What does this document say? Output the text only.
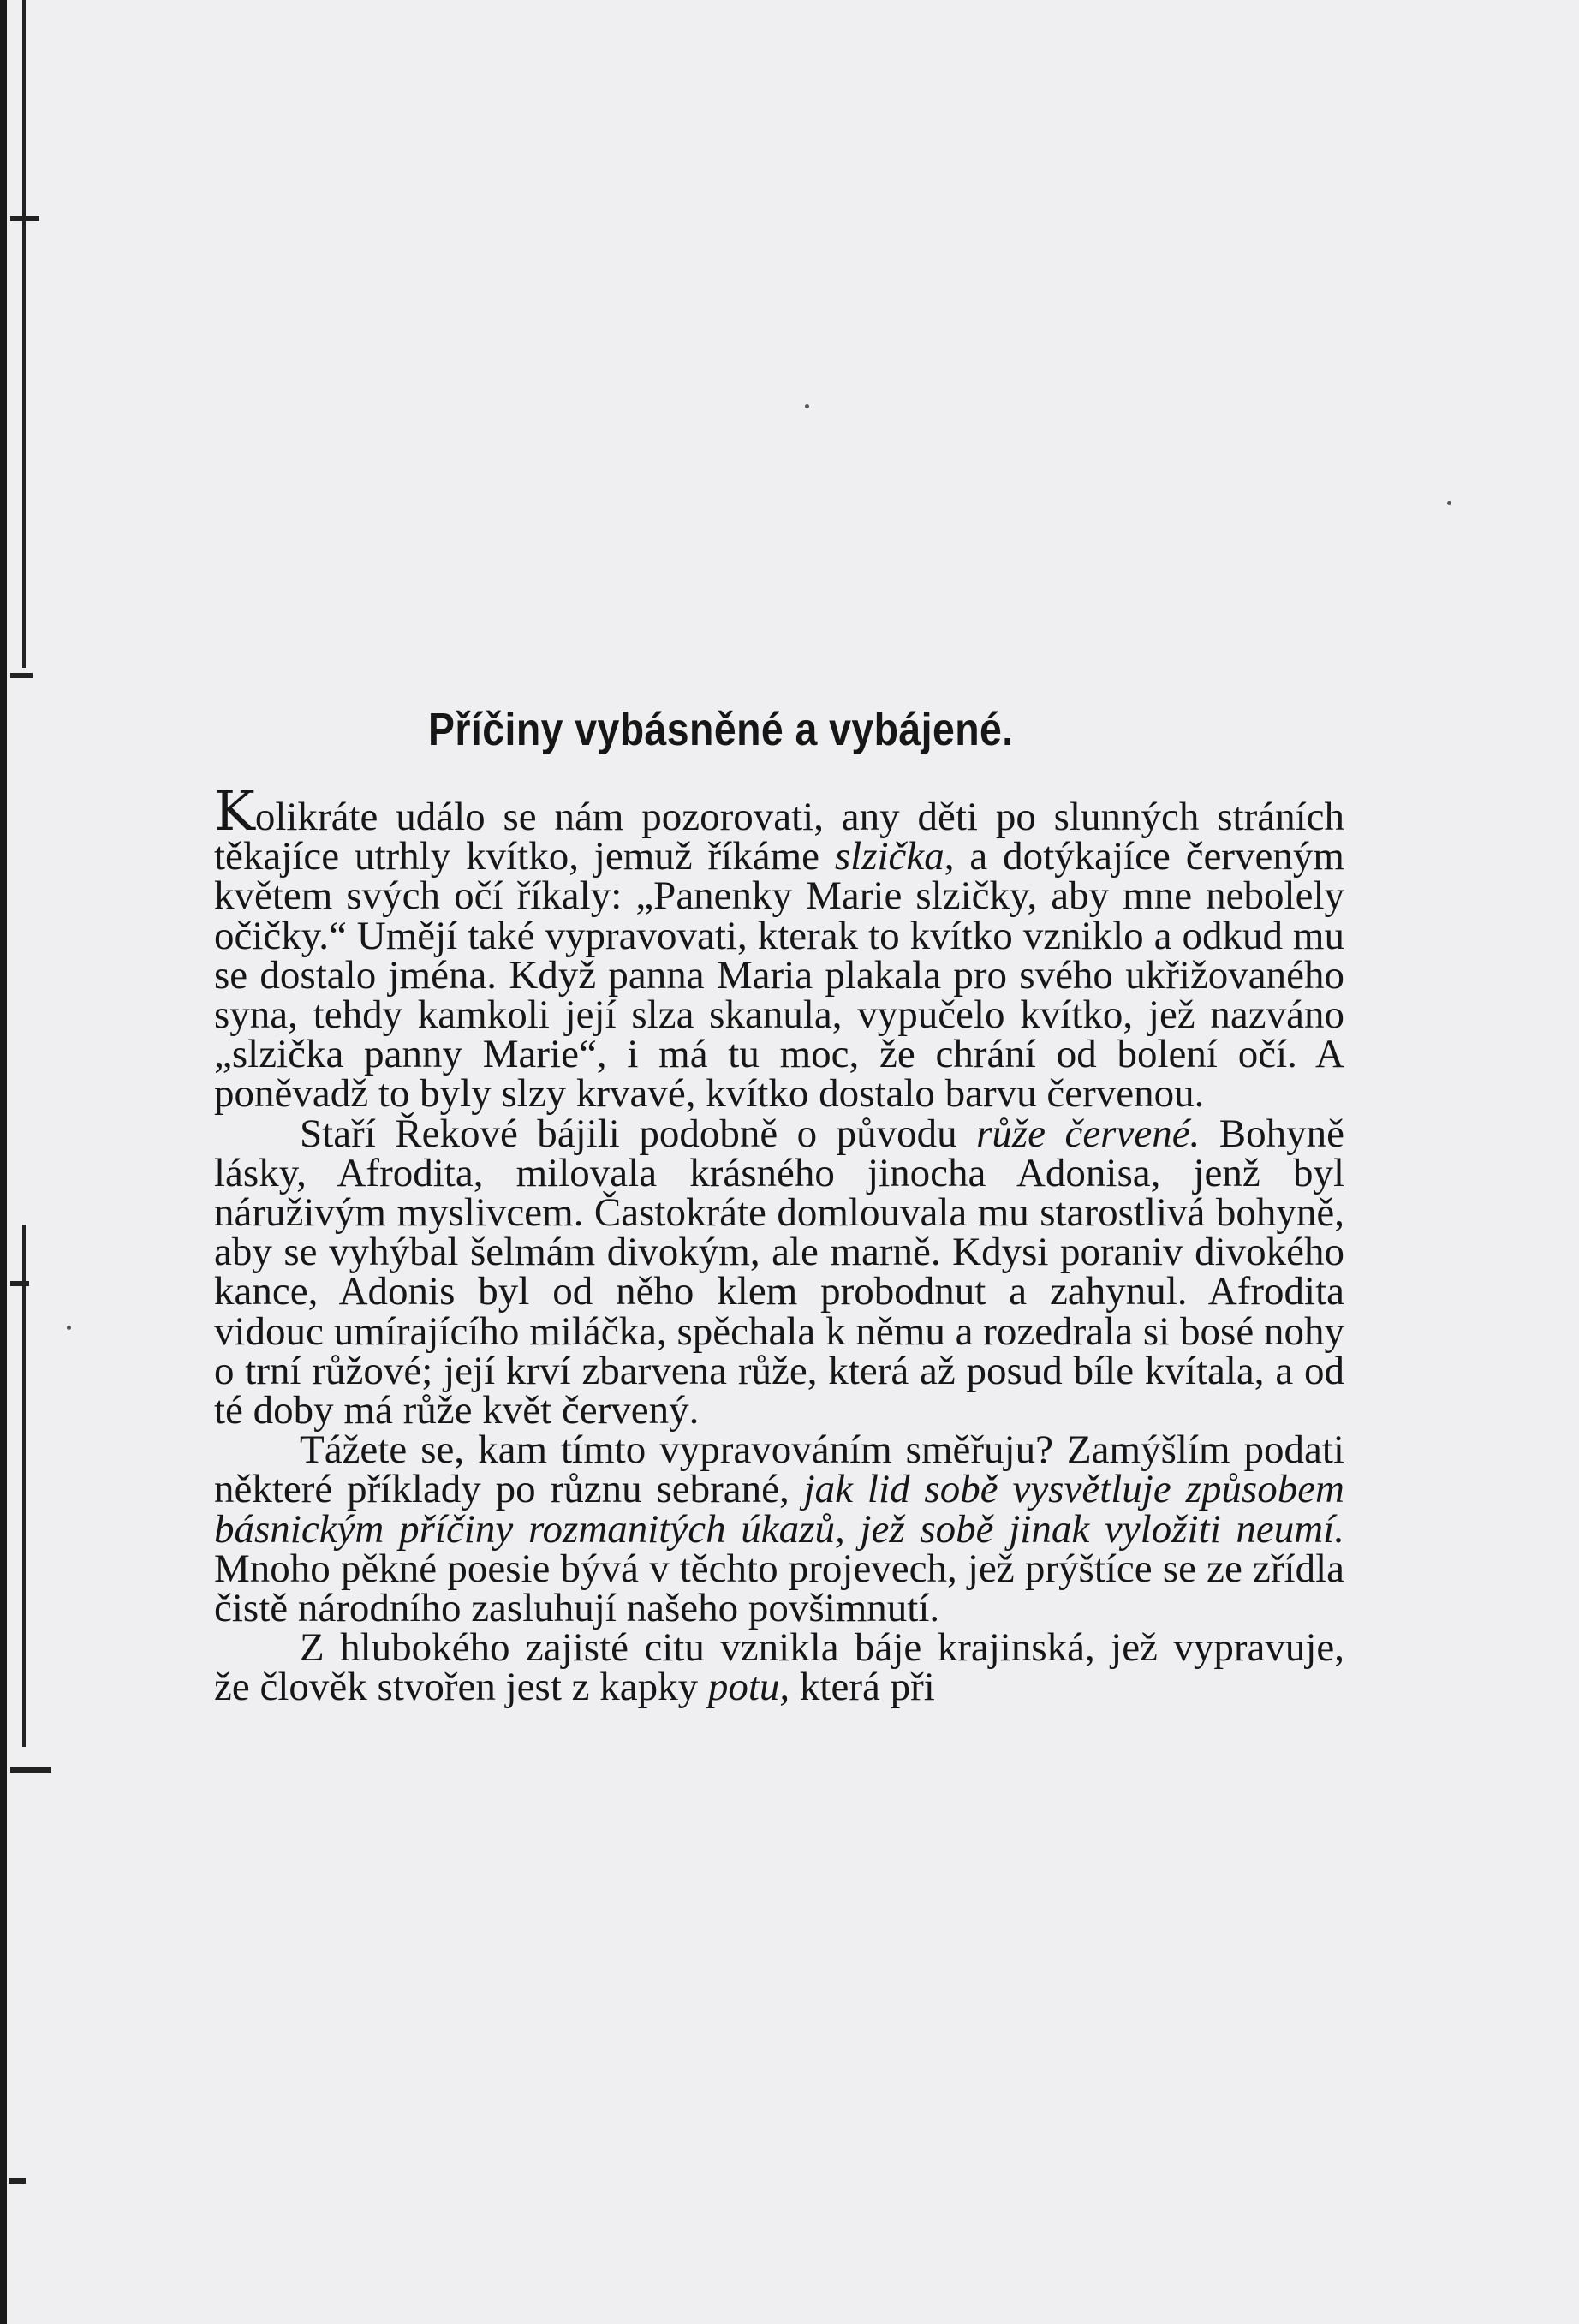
Příčiny vybásněné a vybájené.

Kolikráte událo se nám pozorovati, any děti po slunných stráních těkajíce utrhly kvítko, jemuž říkáme slzička, a dotýkajíce červeným květem svých očí říkaly: „Panenky Marie slzičky, aby mne nebolely očičky.“ Umějí také vypravovati, kterak to kvítko vzniklo a odkud mu se dostalo jména. Když panna Maria plakala pro svého ukřižovaného syna, tehdy kamkoli její slza skanula, vypučelo kvítko, jež nazváno „slzička panny Marie“, i má tu moc, že chrání od bolení očí. A poněvadž to byly slzy krvavé, kvítko dostalo barvu červenou.

Staří Řekové bájili podobně o původu růže červené. Bohyně lásky, Afrodita, milovala krásného jinocha Adonisa, jenž byl náruživým myslivcem. Častokráte domlouvala mu starostlivá bohyně, aby se vyhýbal šelmám divokým, ale marně. Kdysi poraniv divokého kance, Adonis byl od něho klem probodnut a zahynul. Afrodita vidouc umírajícího miláčka, spěchala k němu a rozedrala si bosé nohy o trní růžové; její krví zbarvena růže, která až posud bíle kvítala, a od té doby má růže květ červený.

Tážete se, kam tímto vypravováním směřuju? Zamýšlím podati některé příklady po různu sebrané, jak lid sobě vysvětluje způsobem básnickým příčiny rozmanitých úkazů, jež sobě jinak vyložiti neumí. Mnoho pěkné poesie bývá v těchto projevech, jež prýštíce se ze zřídla čistě národního zasluhují našeho povšimnutí.

Z hlubokého zajisté citu vznikla báje krajinská, jež vypravuje, že člověk stvořen jest z kapky potu, která při
